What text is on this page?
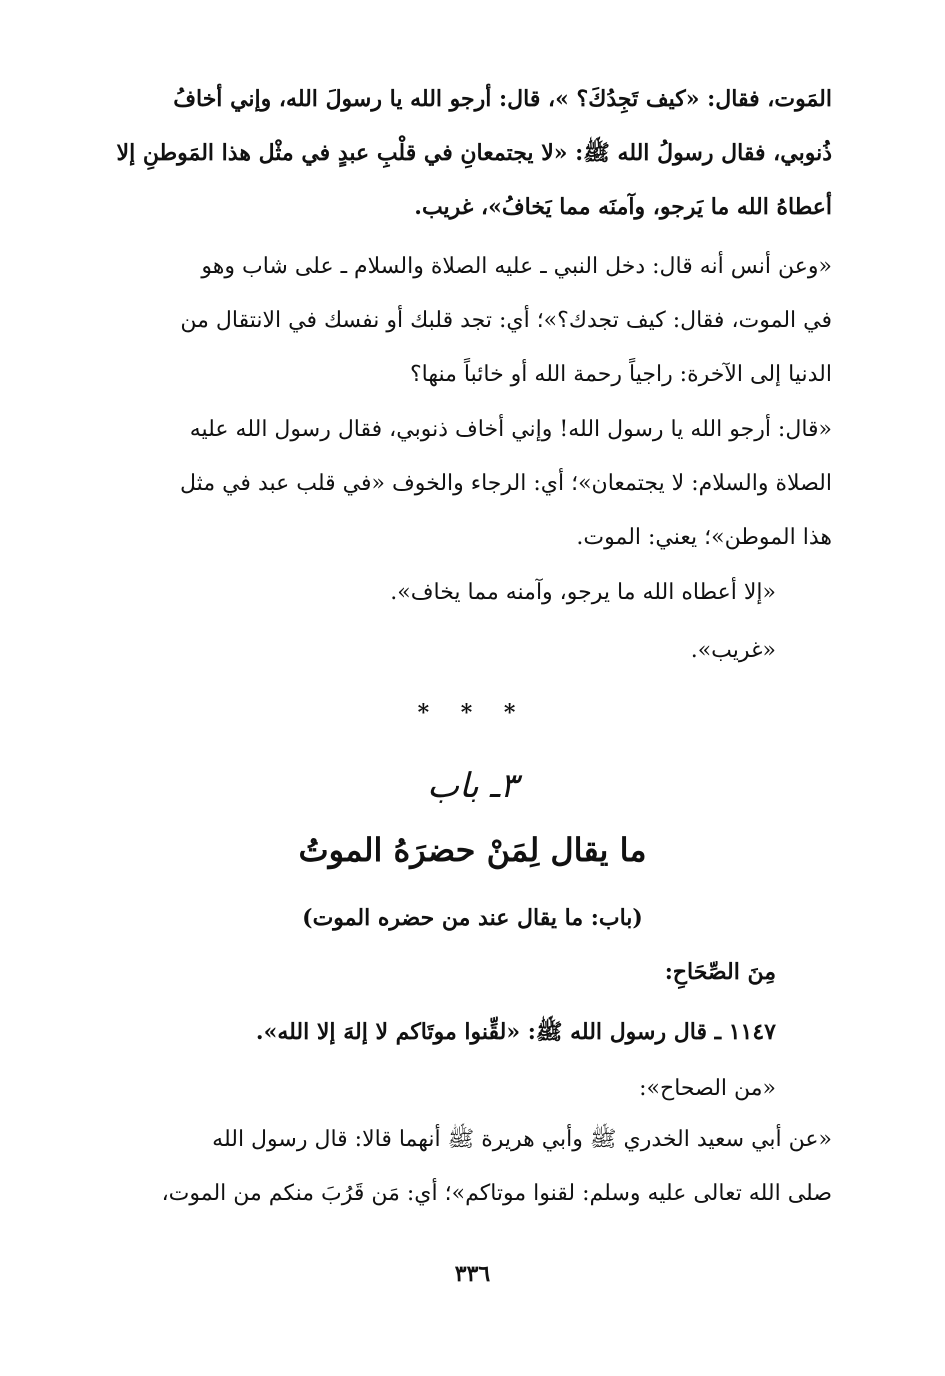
المَوت، فقال: «كيف تَجِدُكَ؟ »، قال: أرجو الله يا رسولَ الله، وإني أخافُ
ذُنوبي، فقال رسولُ الله ﷺ: «لا يجتمعانِ في قلْبِ عبدٍ في مثْل هذا المَوطنِ إلا
أعطاهُ الله ما يَرجو، وآمنَه مما يَخافُ»، غريب.
«وعن أنس أنه قال: دخل النبي ـ عليه الصلاة والسلام ـ على شاب وهو
في الموت، فقال: كيف تجدك؟»؛ أي: تجد قلبك أو نفسك في الانتقال من
الدنيا إلى الآخرة: راجياً رحمة الله أو خائباً منها؟
«قال: أرجو الله يا رسول الله! وإني أخاف ذنوبي، فقال رسول الله عليه
الصلاة والسلام: لا يجتمعان»؛ أي: الرجاء والخوف «في قلب عبد في مثل
هذا الموطن»؛ يعني: الموت.
«إلا أعطاه الله ما يرجو، وآمنه مما يخاف».
«غريب».
* * *
٣ـ باب
ما يقال لِمَنْ حضرَهُ الموتُ
(باب: ما يقال عند من حضره الموت)
مِنَ الصِّحَاحِ:
١١٤٧ ـ قال رسول الله ﷺ: «لقِّنوا موتَاكم لا إلهَ إلا الله».
«من الصحاح»:
«عن أبي سعيد الخدري ﷺ وأبي هريرة ﷺ أنهما قالا: قال رسول الله
صلى الله تعالى عليه وسلم: لقنوا موتاكم»؛ أي: مَن قَرُبَ منكم من الموت،
٣٣٦
